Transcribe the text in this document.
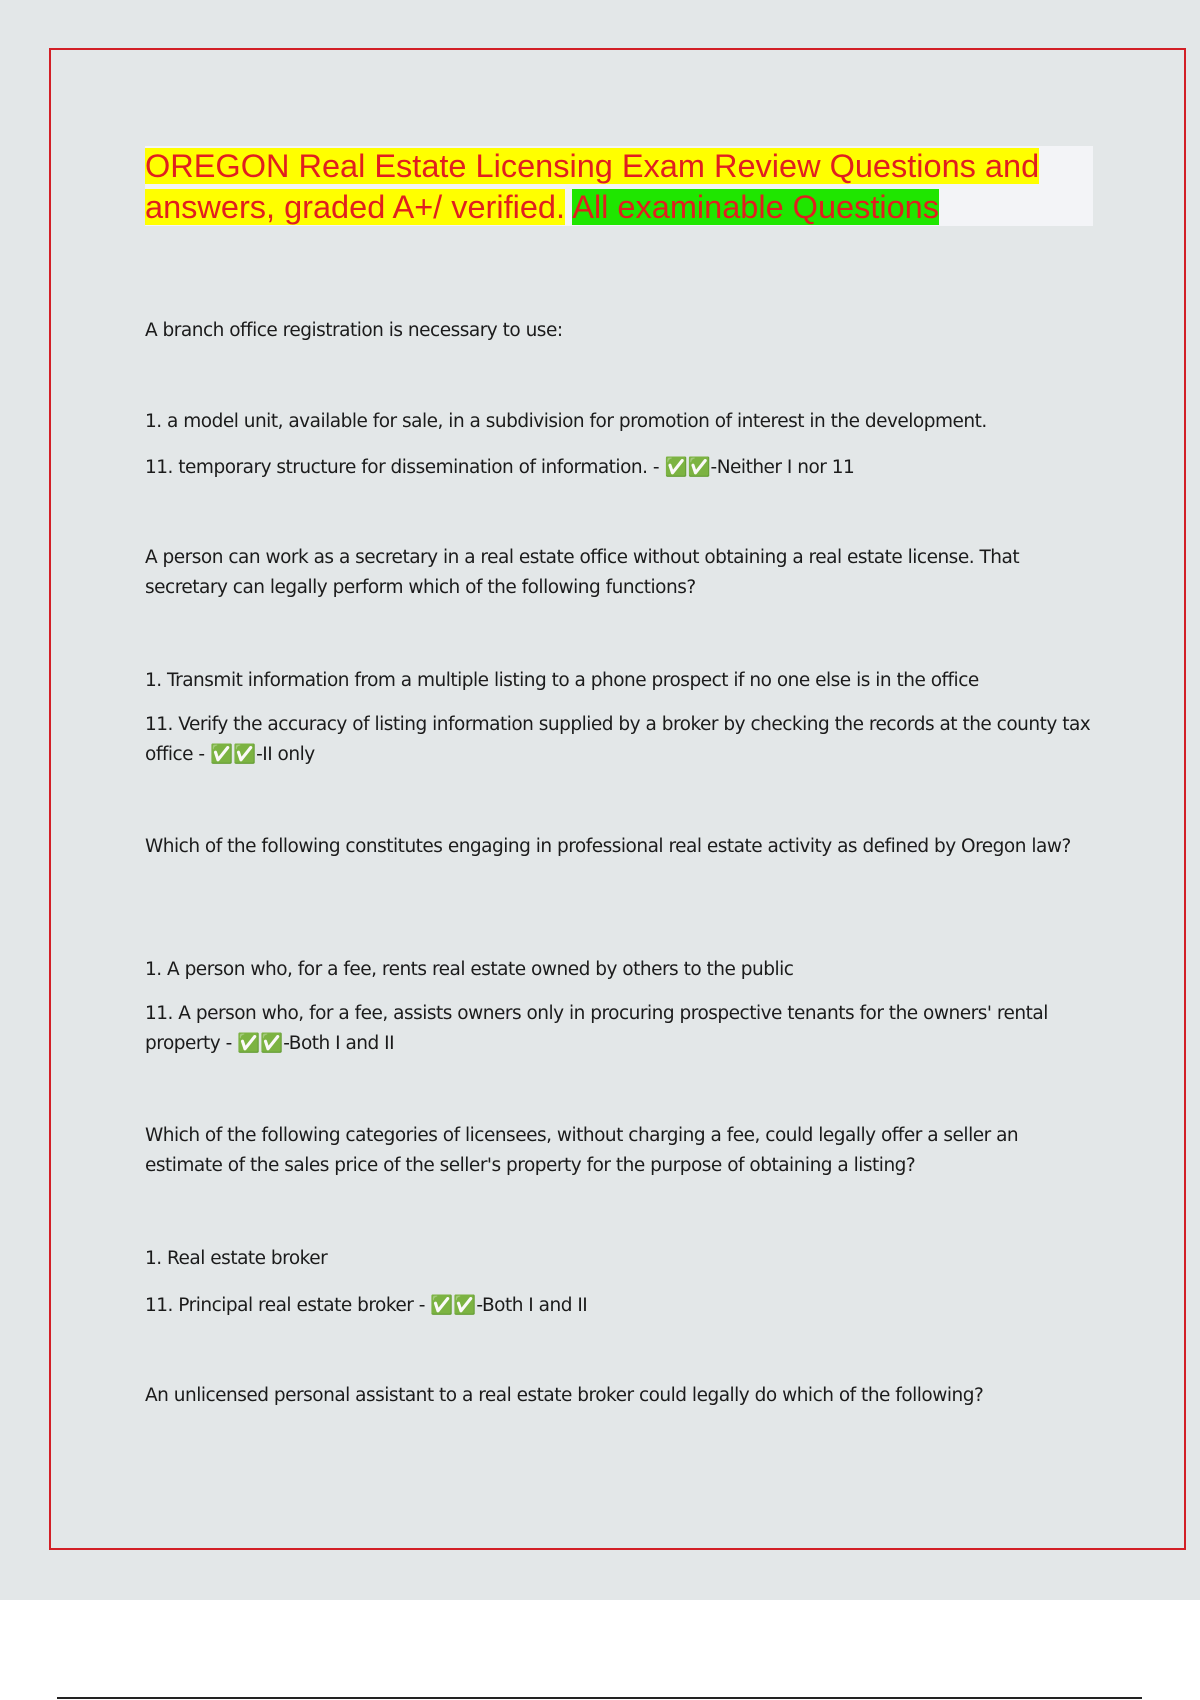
OREGON Real Estate Licensing Exam Review Questions and
answers, graded A+/ verified. All examinable Questions

A branch office registration is necessary to use:

1. a model unit, available for sale, in a subdivision for promotion of interest in the development.

11. temporary structure for dissemination of information. - ✅✅-Neither I nor 11

A person can work as a secretary in a real estate office without obtaining a real estate license. That secretary can legally perform which of the following functions?

1. Transmit information from a multiple listing to a phone prospect if no one else is in the office

11. Verify the accuracy of listing information supplied by a broker by checking the records at the county tax office - ✅✅-II only

Which of the following constitutes engaging in professional real estate activity as defined by Oregon law?

1. A person who, for a fee, rents real estate owned by others to the public

11. A person who, for a fee, assists owners only in procuring prospective tenants for the owners' rental property - ✅✅-Both I and II

Which of the following categories of licensees, without charging a fee, could legally offer a seller an estimate of the sales price of the seller's property for the purpose of obtaining a listing?

1. Real estate broker

11. Principal real estate broker - ✅✅-Both I and II

An unlicensed personal assistant to a real estate broker could legally do which of the following?
